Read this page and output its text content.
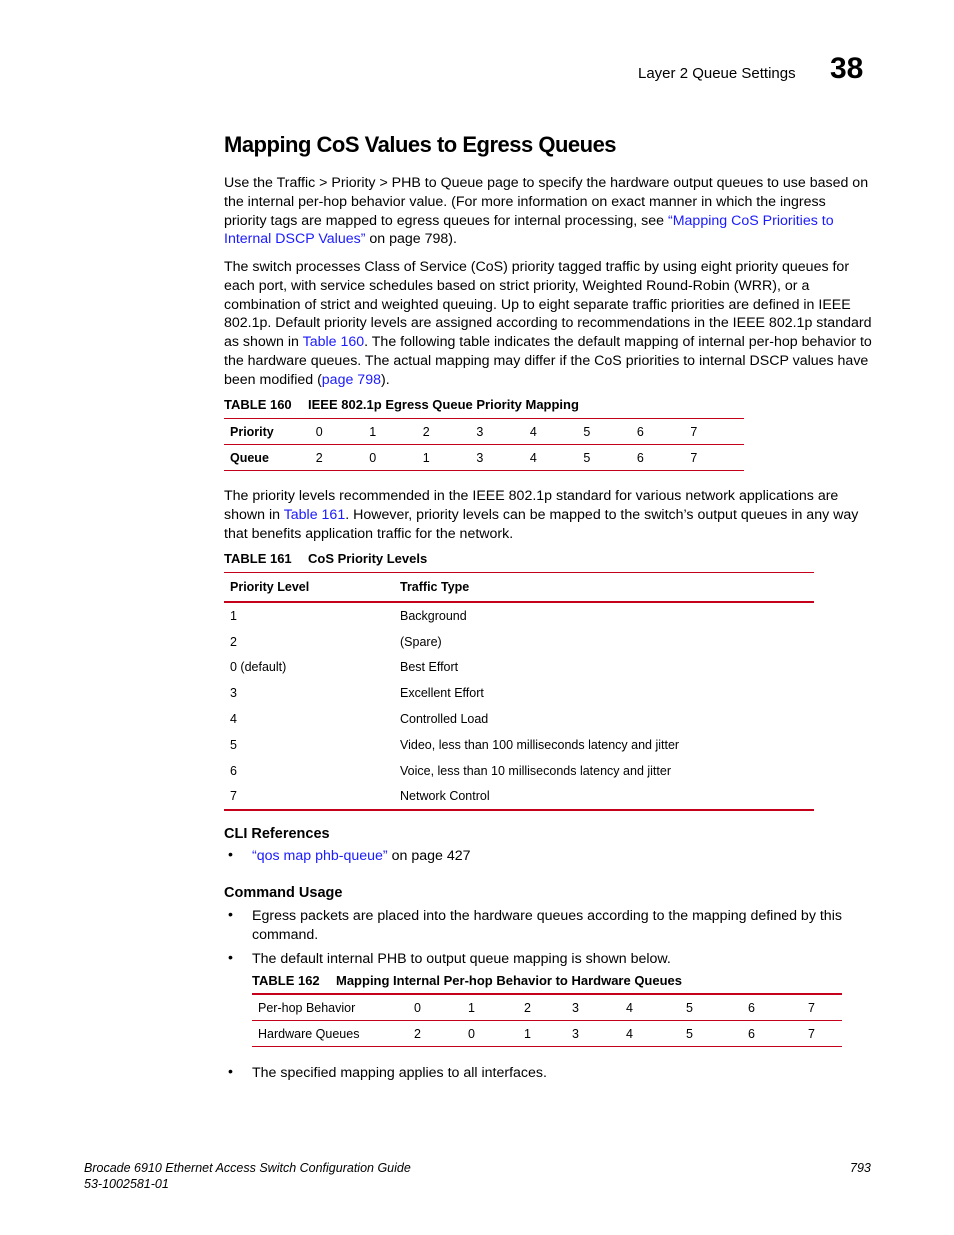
Layer 2 Queue Settings 38
Mapping CoS Values to Egress Queues

Use the Traffic > Priority > PHB to Queue page to specify the hardware output queues to use based on the internal per-hop behavior value. (For more information on exact manner in which the ingress priority tags are mapped to egress queues for internal processing, see “Mapping CoS Priorities to Internal DSCP Values” on page 798).

The switch processes Class of Service (CoS) priority tagged traffic by using eight priority queues for each port, with service schedules based on strict priority, Weighted Round-Robin (WRR), or a combination of strict and weighted queuing. Up to eight separate traffic priorities are defined in IEEE 802.1p. Default priority levels are assigned according to recommendations in the IEEE 802.1p standard as shown in Table 160. The following table indicates the default mapping of internal per-hop behavior to the hardware queues. The actual mapping may differ if the CoS priorities to internal DSCP values have been modified (page 798).

TABLE 160 IEEE 802.1p Egress Queue Priority Mapping
Priority	0	1	2	3	4	5	6	7
Queue	2	0	1	3	4	5	6	7

The priority levels recommended in the IEEE 802.1p standard for various network applications are shown in Table 161. However, priority levels can be mapped to the switch’s output queues in any way that benefits application traffic for the network.

TABLE 161 CoS Priority Levels
Priority Level	Traffic Type
1	Background
2	(Spare)
0 (default)	Best Effort
3	Excellent Effort
4	Controlled Load
5	Video, less than 100 milliseconds latency and jitter
6	Voice, less than 10 milliseconds latency and jitter
7	Network Control
CLI References
• “qos map phb-queue” on page 427
Command Usage
• Egress packets are placed into the hardware queues according to the mapping defined by this command.
• The default internal PHB to output queue mapping is shown below.
TABLE 162 Mapping Internal Per-hop Behavior to Hardware Queues
Per-hop Behavior	0	1	2	3	4	5	6	7
Hardware Queues	2	0	1	3	4	5	6	7
• The specified mapping applies to all interfaces.
Brocade 6910 Ethernet Access Switch Configuration Guide
53-1002581-01
793
